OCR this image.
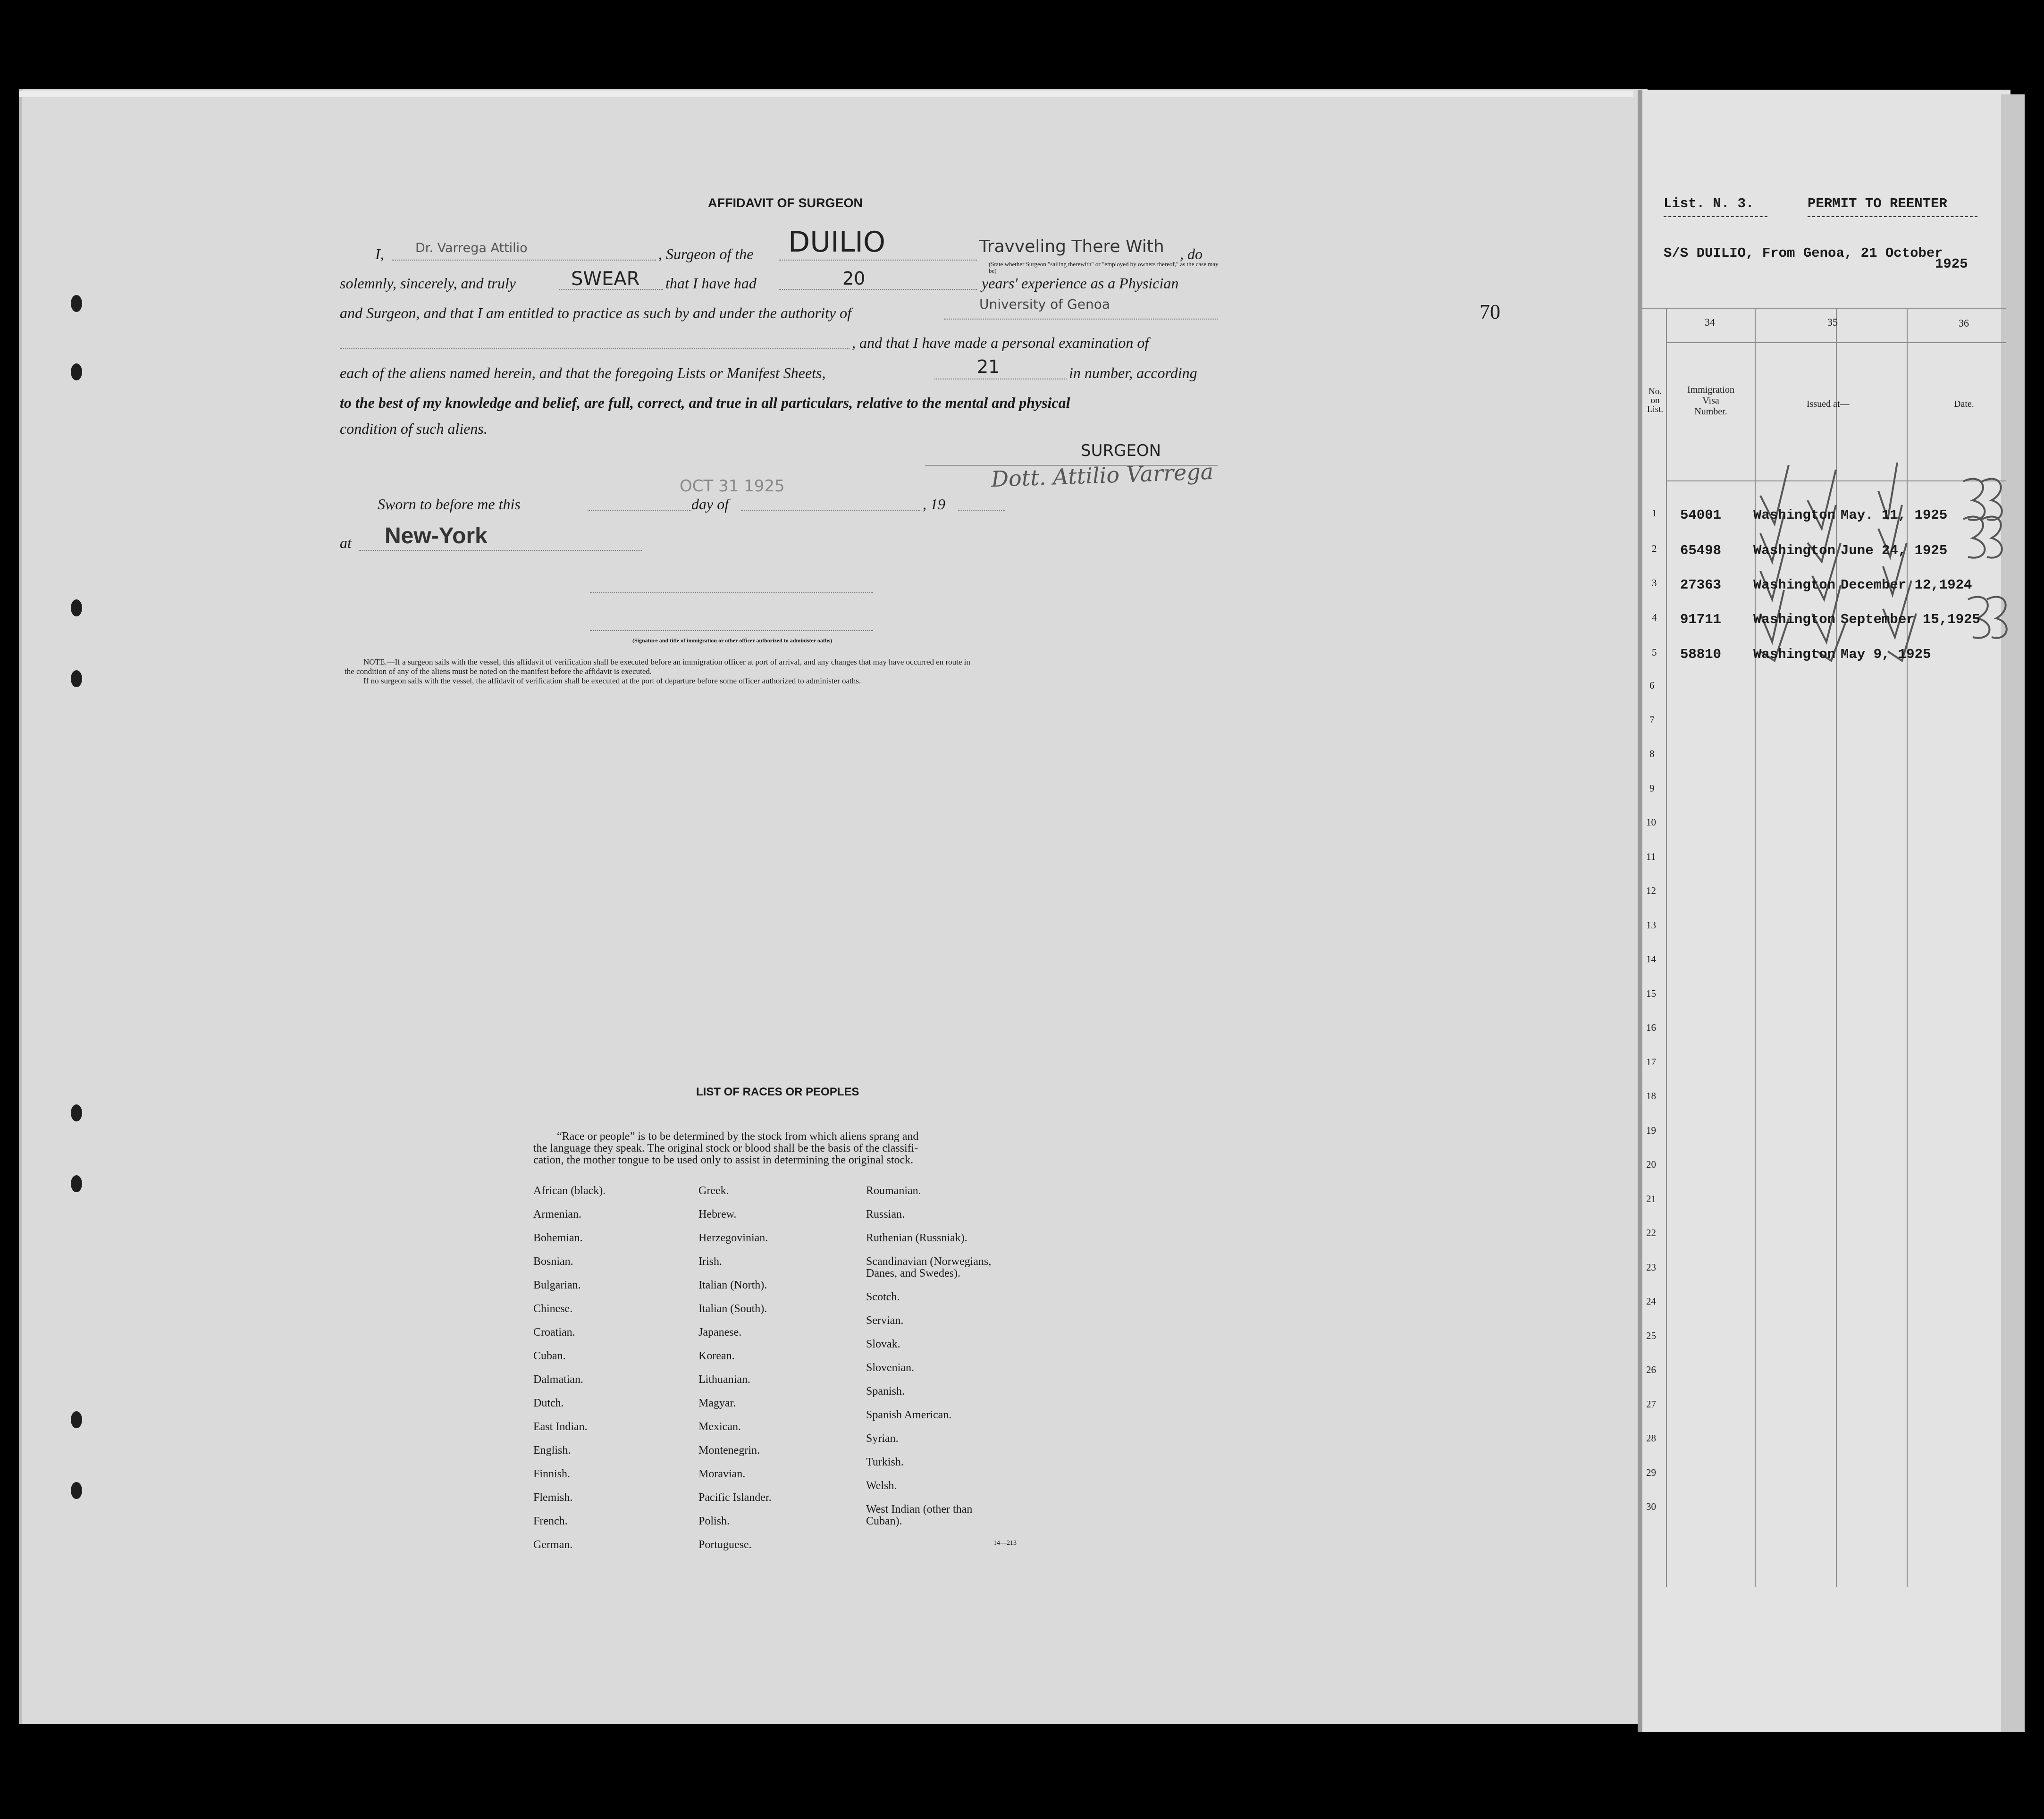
AFFIDAVIT OF SURGEON
I, Dr. Varrega Attilio	, Surgeon of the DUILIO	Travveling There With , do
(State whether Surgeon "sailing therewith" or "employed by owners thereof," as the case may be)
solemnly, sincerely, and truly	SWEAR that I have had	20	years' experience as a Physician
and Surgeon, and that I am entitled to practice as such by and under the authority of
University of Genoa
, and that I have made a personal examination of
each of the aliens named herein, and that the foregoing Lists or Manifest Sheets,	21	in number, according
to the best of my knowledge and belief, are full, correct, and true in all particulars, relative to the mental and physical
condition of such aliens.
70
SURGEON
Dott. Attilio Varrega
Sworn to before me this
OCT 31 1925
day of	, 19
at New-York
(Signature and title of immigration or other officer authorized to administer oaths)
NOTE.—If a surgeon sails with the vessel, this affidavit of verification shall be executed before an immigration officer at port of arrival, and any changes that may have occurred en route in
the condition of any of the aliens must be noted on the manifest before the affidavit is executed.
If no surgeon sails with the vessel, the affidavit of verification shall be executed at the port of departure before some officer authorized to administer oaths.
LIST OF RACES OR PEOPLES
“Race or people” is to be determined by the stock from which aliens sprang and
the language they speak. The original stock or blood shall be the basis of the classifi-
cation, the mother tongue to be used only to assist in determining the original stock.
14—213
List. N. 3.	PERMIT TO REENTER
S/S DUILIO, From Genoa, 21 October
1925
34	35	36
No.
on
List.
Immigration
Visa
Number.
Issued at—	Date.
African (black).
Armenian.
Bohemian.
Bosnian.
Bulgarian.
Chinese.
Croatian.
Cuban.
Dalmatian.
Dutch.
East Indian.
English.
Finnish.
Flemish.
French.
German.
Greek.
Hebrew.
Herzegovinian.
Irish.
Italian (North).
Italian (South).
Japanese.
Korean.
Lithuanian.
Magyar.
Mexican.
Montenegrin.
Moravian.
Pacific Islander.
Polish.
Portuguese.
Roumanian.
Russian.
Ruthenian (Russniak).
Scandinavian (Norwegians,
Danes, and Swedes).
Scotch.
Servian.
Slovak.
Slovenian.
Spanish.
Spanish American.
Syrian.
Turkish.
Welsh.
West Indian (other than
Cuban).
1 54001 Washington May. 11, 1925
2 65498 Washington June 24, 1925
3 27363 Washington December 12,1924
4 91711 Washington September 15,1925
5 58810 Washington May 9, 1925
6
7
8
9
10
11
12
13
14
15
16
17
18
19
20
21
22
23
24
25
26
27
28
29
30
